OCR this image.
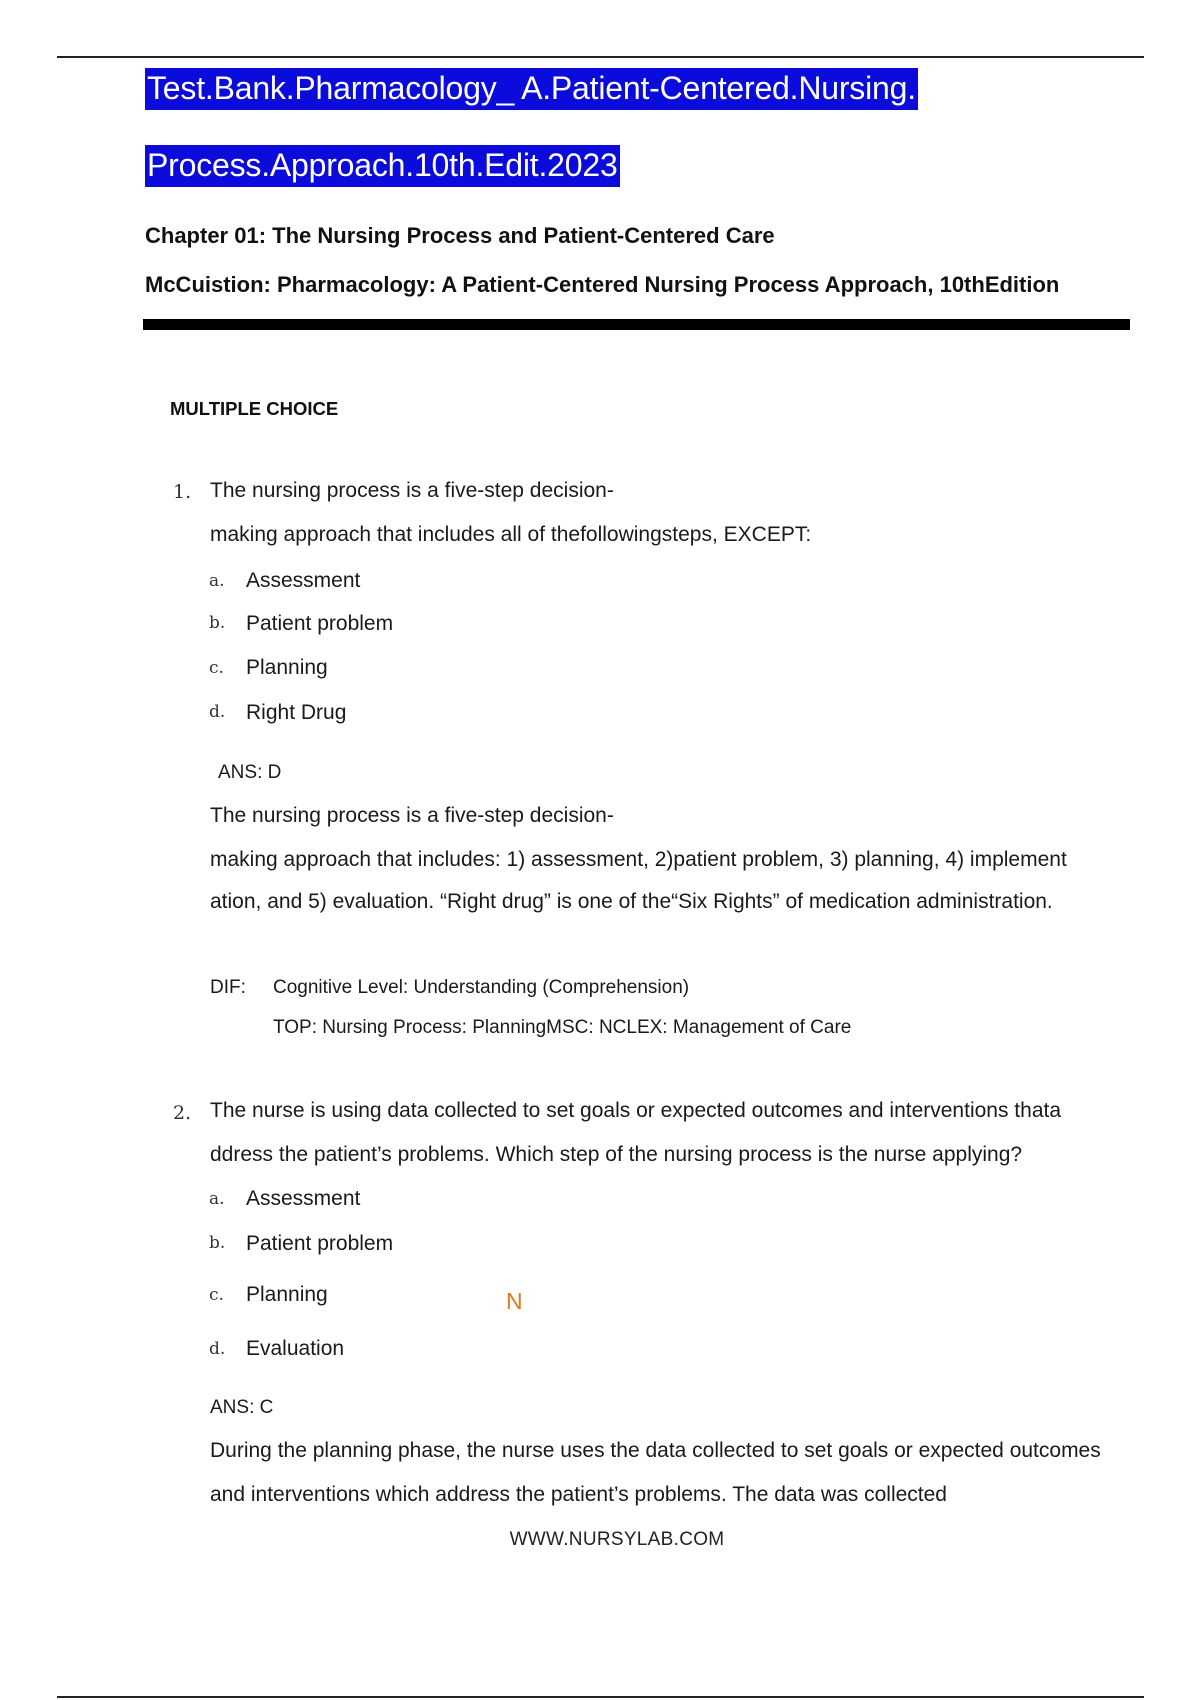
Test.Bank.Pharmacology_ A.Patient-Centered.Nursing.
Process.Approach.10th.Edit.2023
Chapter 01: The Nursing Process and Patient-Centered Care
McCuistion: Pharmacology: A Patient-Centered Nursing Process Approach, 10thEdition
MULTIPLE CHOICE
1. The nursing process is a five-step decision-
making approach that includes all of thefollowingsteps, EXCEPT:
a. Assessment
b. Patient problem
c. Planning
d. Right Drug
ANS: D
The nursing process is a five-step decision-
making approach that includes: 1) assessment, 2)patient problem, 3) planning, 4) implement
ation, and 5) evaluation. “Right drug” is one of the“Six Rights” of medication administration.
DIF: Cognitive Level: Understanding (Comprehension)
TOP: Nursing Process: PlanningMSC: NCLEX: Management of Care
2. The nurse is using data collected to set goals or expected outcomes and interventions thata
ddress the patient’s problems. Which step of the nursing process is the nurse applying?
a. Assessment
b. Patient problem
c. Planning
d. Evaluation
N
ANS: C
During the planning phase, the nurse uses the data collected to set goals or expected outcomes
and interventions which address the patient’s problems. The data was collected
WWW.NURSYLAB.COM
